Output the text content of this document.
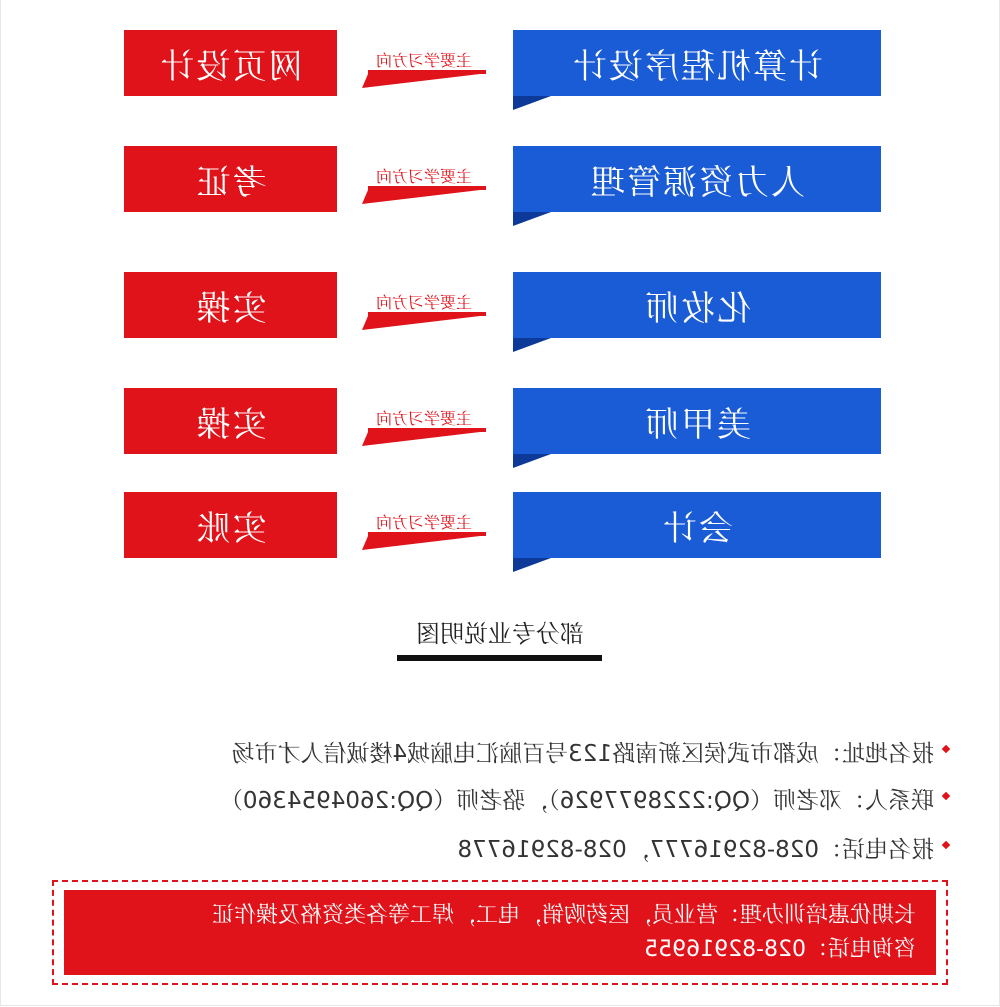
计算机程序设计
主要学习方向
网页设计
人力资源管理
主要学习方向
考证
化妆师
主要学习方向
实操
美甲师
主要学习方向
实操
会计
主要学习方向
实账
部分专业说明图
报名地址：成都市武侯区新南路123号百脑汇电脑城4楼诚信人才市场
联系人：邓老师（QQ:2228977926），骆老师（QQ:2604954360）
报名电话：028-82916777，028-82916778
长期优惠培训办理：营业员，医药购销，电工，焊工等各类资格及操作证
咨询电话：028-82916955
